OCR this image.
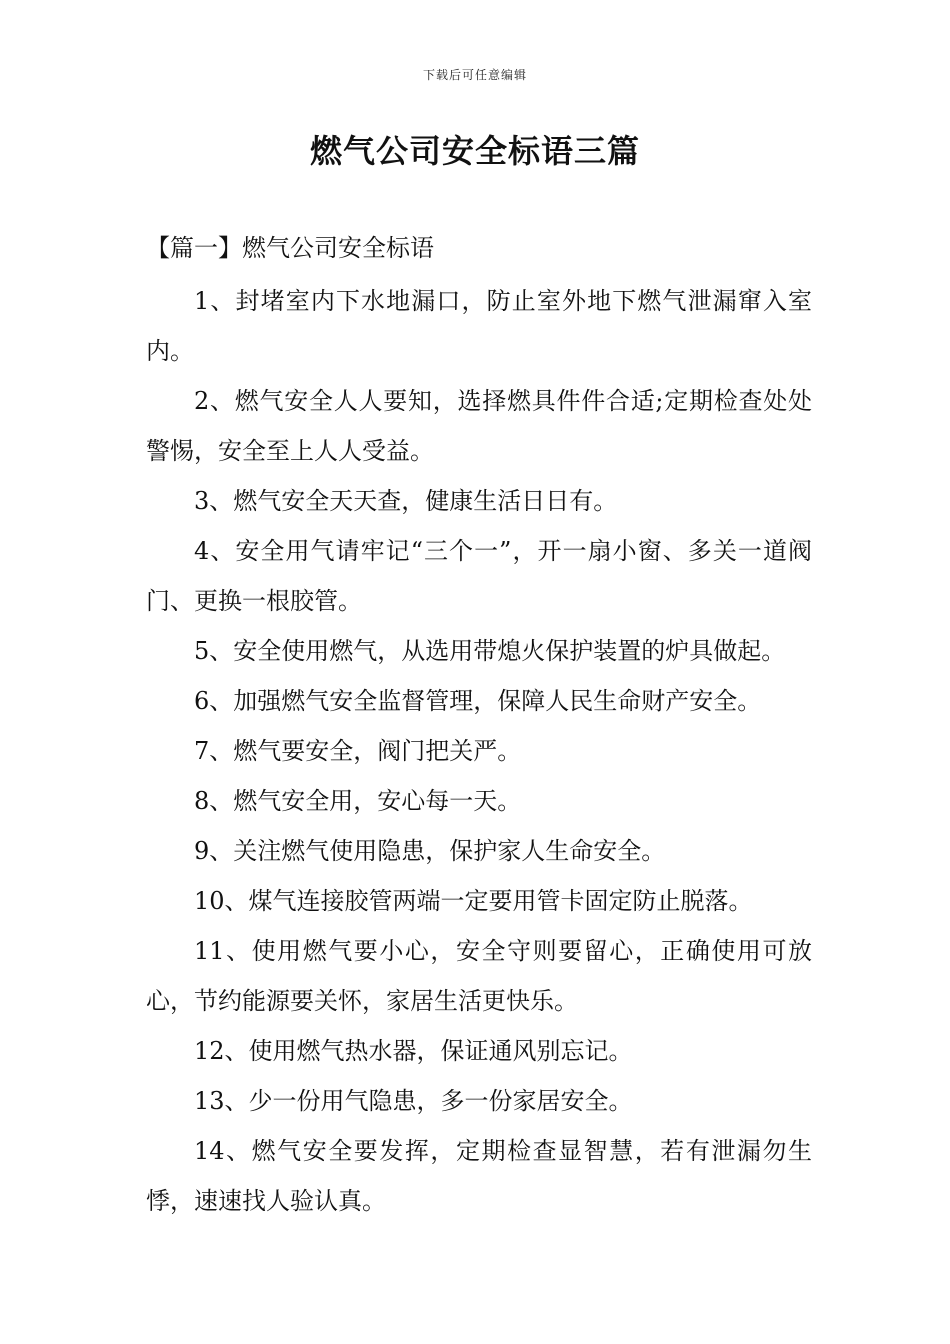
下载后可任意编辑
燃气公司安全标语三篇
【篇一】燃气公司安全标语
1、封堵室内下水地漏口，防止室外地下燃气泄漏窜入室内。
2、燃气安全人人要知，选择燃具件件合适;定期检查处处警惕，安全至上人人受益。
3、燃气安全天天查，健康生活日日有。
4、安全用气请牢记“三个一”，开一扇小窗、多关一道阀门、更换一根胶管。
5、安全使用燃气，从选用带熄火保护装置的炉具做起。
6、加强燃气安全监督管理，保障人民生命财产安全。
7、燃气要安全，阀门把关严。
8、燃气安全用，安心每一天。
9、关注燃气使用隐患，保护家人生命安全。
10、煤气连接胶管两端一定要用管卡固定防止脱落。
11、使用燃气要小心，安全守则要留心，正确使用可放心，节约能源要关怀，家居生活更快乐。
12、使用燃气热水器，保证通风别忘记。
13、少一份用气隐患，多一份家居安全。
14、燃气安全要发挥，定期检查显智慧，若有泄漏勿生悸，速速找人验认真。
